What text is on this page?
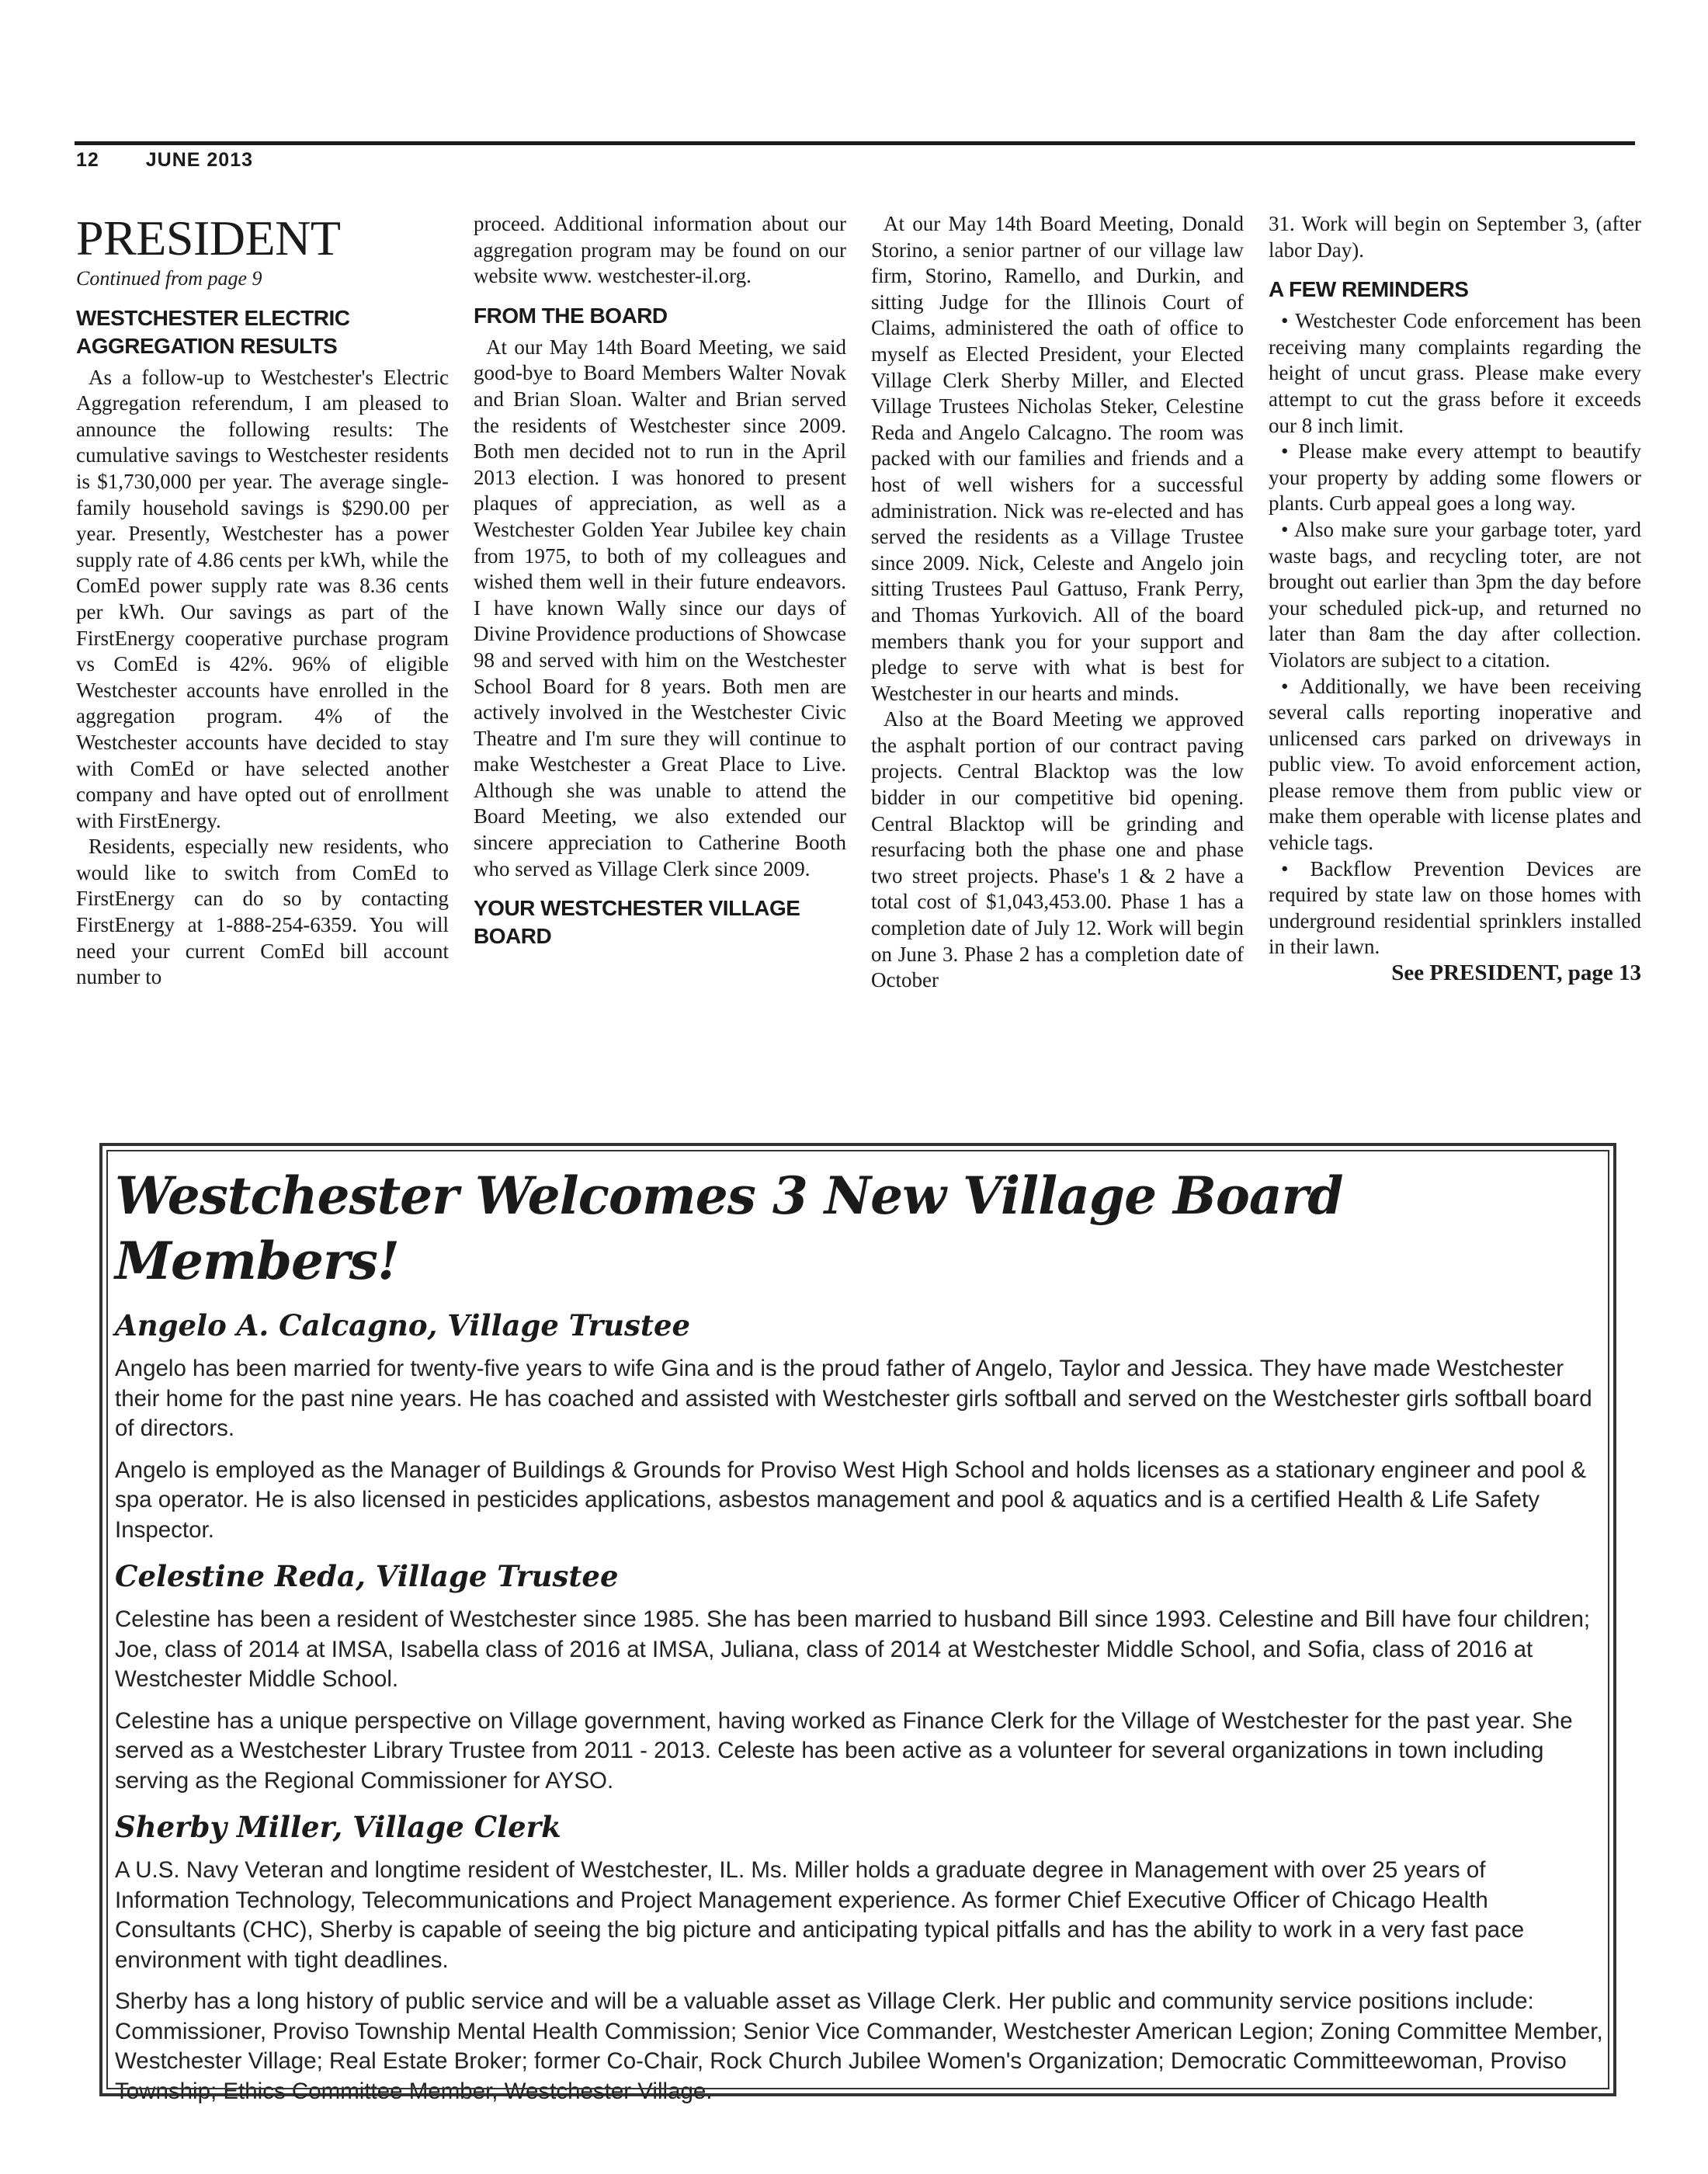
12 JUNE 2013

PRESIDENT

Continued from page 9

WESTCHESTER ELECTRIC AGGREGATION RESULTS

As a follow-up to Westchester's Electric Aggregation referendum, I am pleased to announce the following results: The cumulative savings to Westchester residents is $1,730,000 per year. The average single-family household savings is $290.00 per year. Presently, Westchester has a power supply rate of 4.86 cents per kWh, while the ComEd power supply rate was 8.36 cents per kWh. Our savings as part of the FirstEnergy cooperative purchase program vs ComEd is 42%. 96% of eligible Westchester accounts have enrolled in the aggregation program. 4% of the Westchester accounts have decided to stay with ComEd or have selected another company and have opted out of enrollment with FirstEnergy.

Residents, especially new residents, who would like to switch from ComEd to FirstEnergy can do so by contacting FirstEnergy at 1-888-254-6359. You will need your current ComEd bill account number to

proceed. Additional information about our aggregation program may be found on our website www. westchester-il.org.

FROM THE BOARD

At our May 14th Board Meeting, we said good-bye to Board Members Walter Novak and Brian Sloan. Walter and Brian served the residents of Westchester since 2009. Both men decided not to run in the April 2013 election. I was honored to present plaques of appreciation, as well as a Westchester Golden Year Jubilee key chain from 1975, to both of my colleagues and wished them well in their future endeavors. I have known Wally since our days of Divine Providence productions of Showcase 98 and served with him on the Westchester School Board for 8 years. Both men are actively involved in the Westchester Civic Theatre and I'm sure they will continue to make Westchester a Great Place to Live. Although she was unable to attend the Board Meeting, we also extended our sincere appreciation to Catherine Booth who served as Village Clerk since 2009.

YOUR WESTCHESTER VILLAGE BOARD

At our May 14th Board Meeting, Donald Storino, a senior partner of our village law firm, Storino, Ramello, and Durkin, and sitting Judge for the Illinois Court of Claims, administered the oath of office to myself as Elected President, your Elected Village Clerk Sherby Miller, and Elected Village Trustees Nicholas Steker, Celestine Reda and Angelo Calcagno. The room was packed with our families and friends and a host of well wishers for a successful administration. Nick was re-elected and has served the residents as a Village Trustee since 2009. Nick, Celeste and Angelo join sitting Trustees Paul Gattuso, Frank Perry, and Thomas Yurkovich. All of the board members thank you for your support and pledge to serve with what is best for Westchester in our hearts and minds.

Also at the Board Meeting we approved the asphalt portion of our contract paving projects. Central Blacktop was the low bidder in our competitive bid opening. Central Blacktop will be grinding and resurfacing both the phase one and phase two street projects. Phase's 1 & 2 have a total cost of $1,043,453.00. Phase 1 has a completion date of July 12. Work will begin on June 3. Phase 2 has a completion date of October

31. Work will begin on September 3, (after labor Day).

A FEW REMINDERS

• Westchester Code enforcement has been receiving many complaints regarding the height of uncut grass. Please make every attempt to cut the grass before it exceeds our 8 inch limit.

• Please make every attempt to beautify your property by adding some flowers or plants. Curb appeal goes a long way.

• Also make sure your garbage toter, yard waste bags, and recycling toter, are not brought out earlier than 3pm the day before your scheduled pick-up, and returned no later than 8am the day after collection. Violators are subject to a citation.

• Additionally, we have been receiving several calls reporting inoperative and unlicensed cars parked on driveways in public view. To avoid enforcement action, please remove them from public view or make them operable with license plates and vehicle tags.

• Backflow Prevention Devices are required by state law on those homes with underground residential sprinklers installed in their lawn.

See PRESIDENT, page 13

Westchester Welcomes 3 New Village Board Members!
Angelo A. Calcagno, Village Trustee

Angelo has been married for twenty-five years to wife Gina and is the proud father of Angelo, Taylor and Jessica. They have made Westchester their home for the past nine years. He has coached and assisted with Westchester girls softball and served on the Westchester girls softball board of directors.

Angelo is employed as the Manager of Buildings & Grounds for Proviso West High School and holds licenses as a stationary engineer and pool & spa operator. He is also licensed in pesticides applications, asbestos management and pool & aquatics and is a certified Health & Life Safety Inspector.

Celestine Reda, Village Trustee

Celestine has been a resident of Westchester since 1985. She has been married to husband Bill since 1993. Celestine and Bill have four children; Joe, class of 2014 at IMSA, Isabella class of 2016 at IMSA, Juliana, class of 2014 at Westchester Middle School, and Sofia, class of 2016 at Westchester Middle School.

Celestine has a unique perspective on Village government, having worked as Finance Clerk for the Village of Westchester for the past year. She served as a Westchester Library Trustee from 2011 - 2013. Celeste has been active as a volunteer for several organizations in town including serving as the Regional Commissioner for AYSO.

Sherby Miller, Village Clerk

A U.S. Navy Veteran and longtime resident of Westchester, IL. Ms. Miller holds a graduate degree in Management with over 25 years of Information Technology, Telecommunications and Project Management experience. As former Chief Executive Officer of Chicago Health Consultants (CHC), Sherby is capable of seeing the big picture and anticipating typical pitfalls and has the ability to work in a very fast pace environment with tight deadlines.

Sherby has a long history of public service and will be a valuable asset as Village Clerk. Her public and community service positions include: Commissioner, Proviso Township Mental Health Commission; Senior Vice Commander, Westchester American Legion; Zoning Committee Member, Westchester Village; Real Estate Broker; former Co-Chair, Rock Church Jubilee Women's Organization; Democratic Committeewoman, Proviso Township; Ethics Committee Member, Westchester Village.
